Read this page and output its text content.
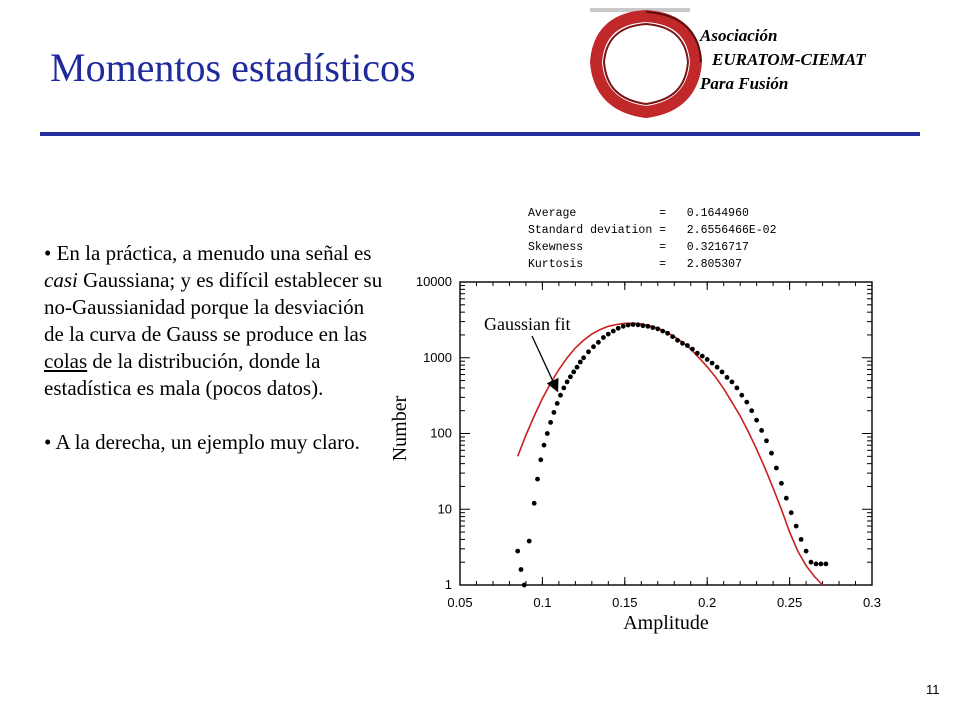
Momentos estadísticos
Asociación
EURATOM-CIEMAT
Para Fusión

• En la práctica, a menudo una señal es casi Gaussiana; y es difícil establecer su no-Gaussianidad porque la desviación de la curva de Gauss se produce en las colas de la distribución, donde la estadística es mala (pocos datos).

• A la derecha, un ejemplo muy claro.

Average	= 0.1644960
Standard deviation = 2.6556466E-02
Skewness	= 0.3216717
Kurtosis	= 2.805307
0.05	0.1	0.15	0.2	0.25	0.3
1
10
100
1000
10000
Amplitude
Number
Gaussian fit
11
